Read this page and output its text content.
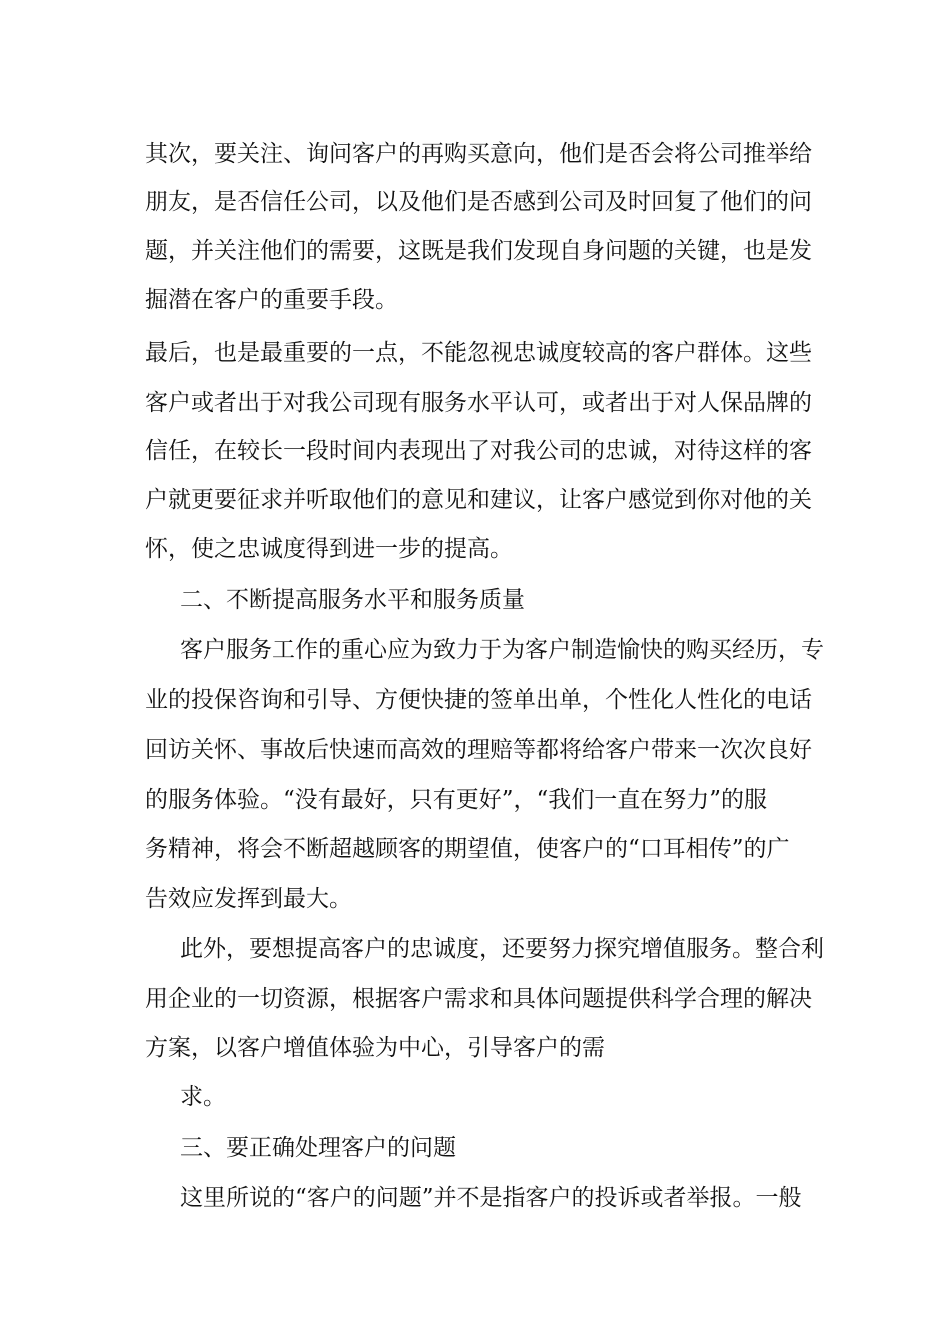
其次，要关注、询问客户的再购买意向，他们是否会将公司推举给
朋友，是否信任公司，以及他们是否感到公司及时回复了他们的问
题，并关注他们的需要，这既是我们发现自身问题的关键，也是发
掘潜在客户的重要手段。
最后，也是最重要的一点，不能忽视忠诚度较高的客户群体。这些
客户或者出于对我公司现有服务水平认可，或者出于对人保品牌的
信任，在较长一段时间内表现出了对我公司的忠诚，对待这样的客
户就更要征求并听取他们的意见和建议，让客户感觉到你对他的关
怀，使之忠诚度得到进一步的提高。
二、不断提高服务水平和服务质量
客户服务工作的重心应为致力于为客户制造愉快的购买经历，专
业的投保咨询和引导、方便快捷的签单出单，个性化人性化的电话
回访关怀、事故后快速而高效的理赔等都将给客户带来一次次良好
的服务体验。“没有最好，只有更好”，“我们一直在努力”的服
务精神，将会不断超越顾客的期望值，使客户的“口耳相传”的广
告效应发挥到最大。
此外，要想提高客户的忠诚度，还要努力探究增值服务。整合利
用企业的一切资源，根据客户需求和具体问题提供科学合理的解决
方案，以客户增值体验为中心，引导客户的需
求。
三、要正确处理客户的问题
这里所说的“客户的问题”并不是指客户的投诉或者举报。一般
